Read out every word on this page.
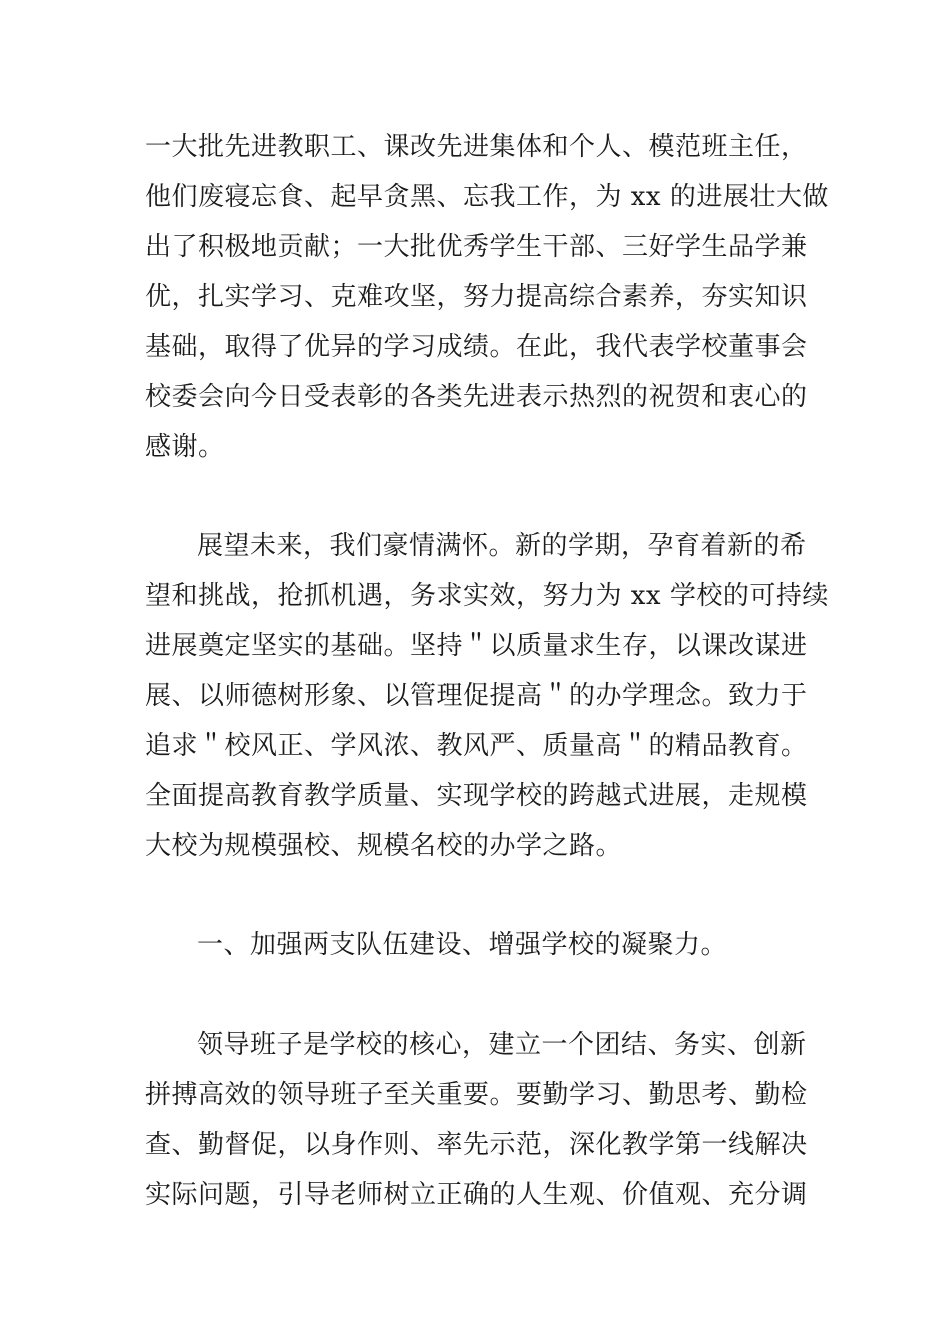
一大批先进教职工、课改先进集体和个人、模范班主任，
他们废寝忘食、起早贪黑、忘我工作，为 xx 的进展壮大做
出了积极地贡献；一大批优秀学生干部、三好学生品学兼
优，扎实学习、克难攻坚，努力提高综合素养，夯实知识
基础，取得了优异的学习成绩。在此，我代表学校董事会
校委会向今日受表彰的各类先进表示热烈的祝贺和衷心的
感谢。
展望未来，我们豪情满怀。新的学期，孕育着新的希
望和挑战，抢抓机遇，务求实效，努力为 xx 学校的可持续
进展奠定坚实的基础。坚持＂以质量求生存，以课改谋进
展、以师德树形象、以管理促提高＂的办学理念。致力于
追求＂校风正、学风浓、教风严、质量高＂的精品教育。
全面提高教育教学质量、实现学校的跨越式进展，走规模
大校为规模强校、规模名校的办学之路。
一、加强两支队伍建设、增强学校的凝聚力。
领导班子是学校的核心，建立一个团结、务实、创新
拼搏高效的领导班子至关重要。要勤学习、勤思考、勤检
查、勤督促，以身作则、率先示范，深化教学第一线解决
实际问题，引导老师树立正确的人生观、价值观、充分调
